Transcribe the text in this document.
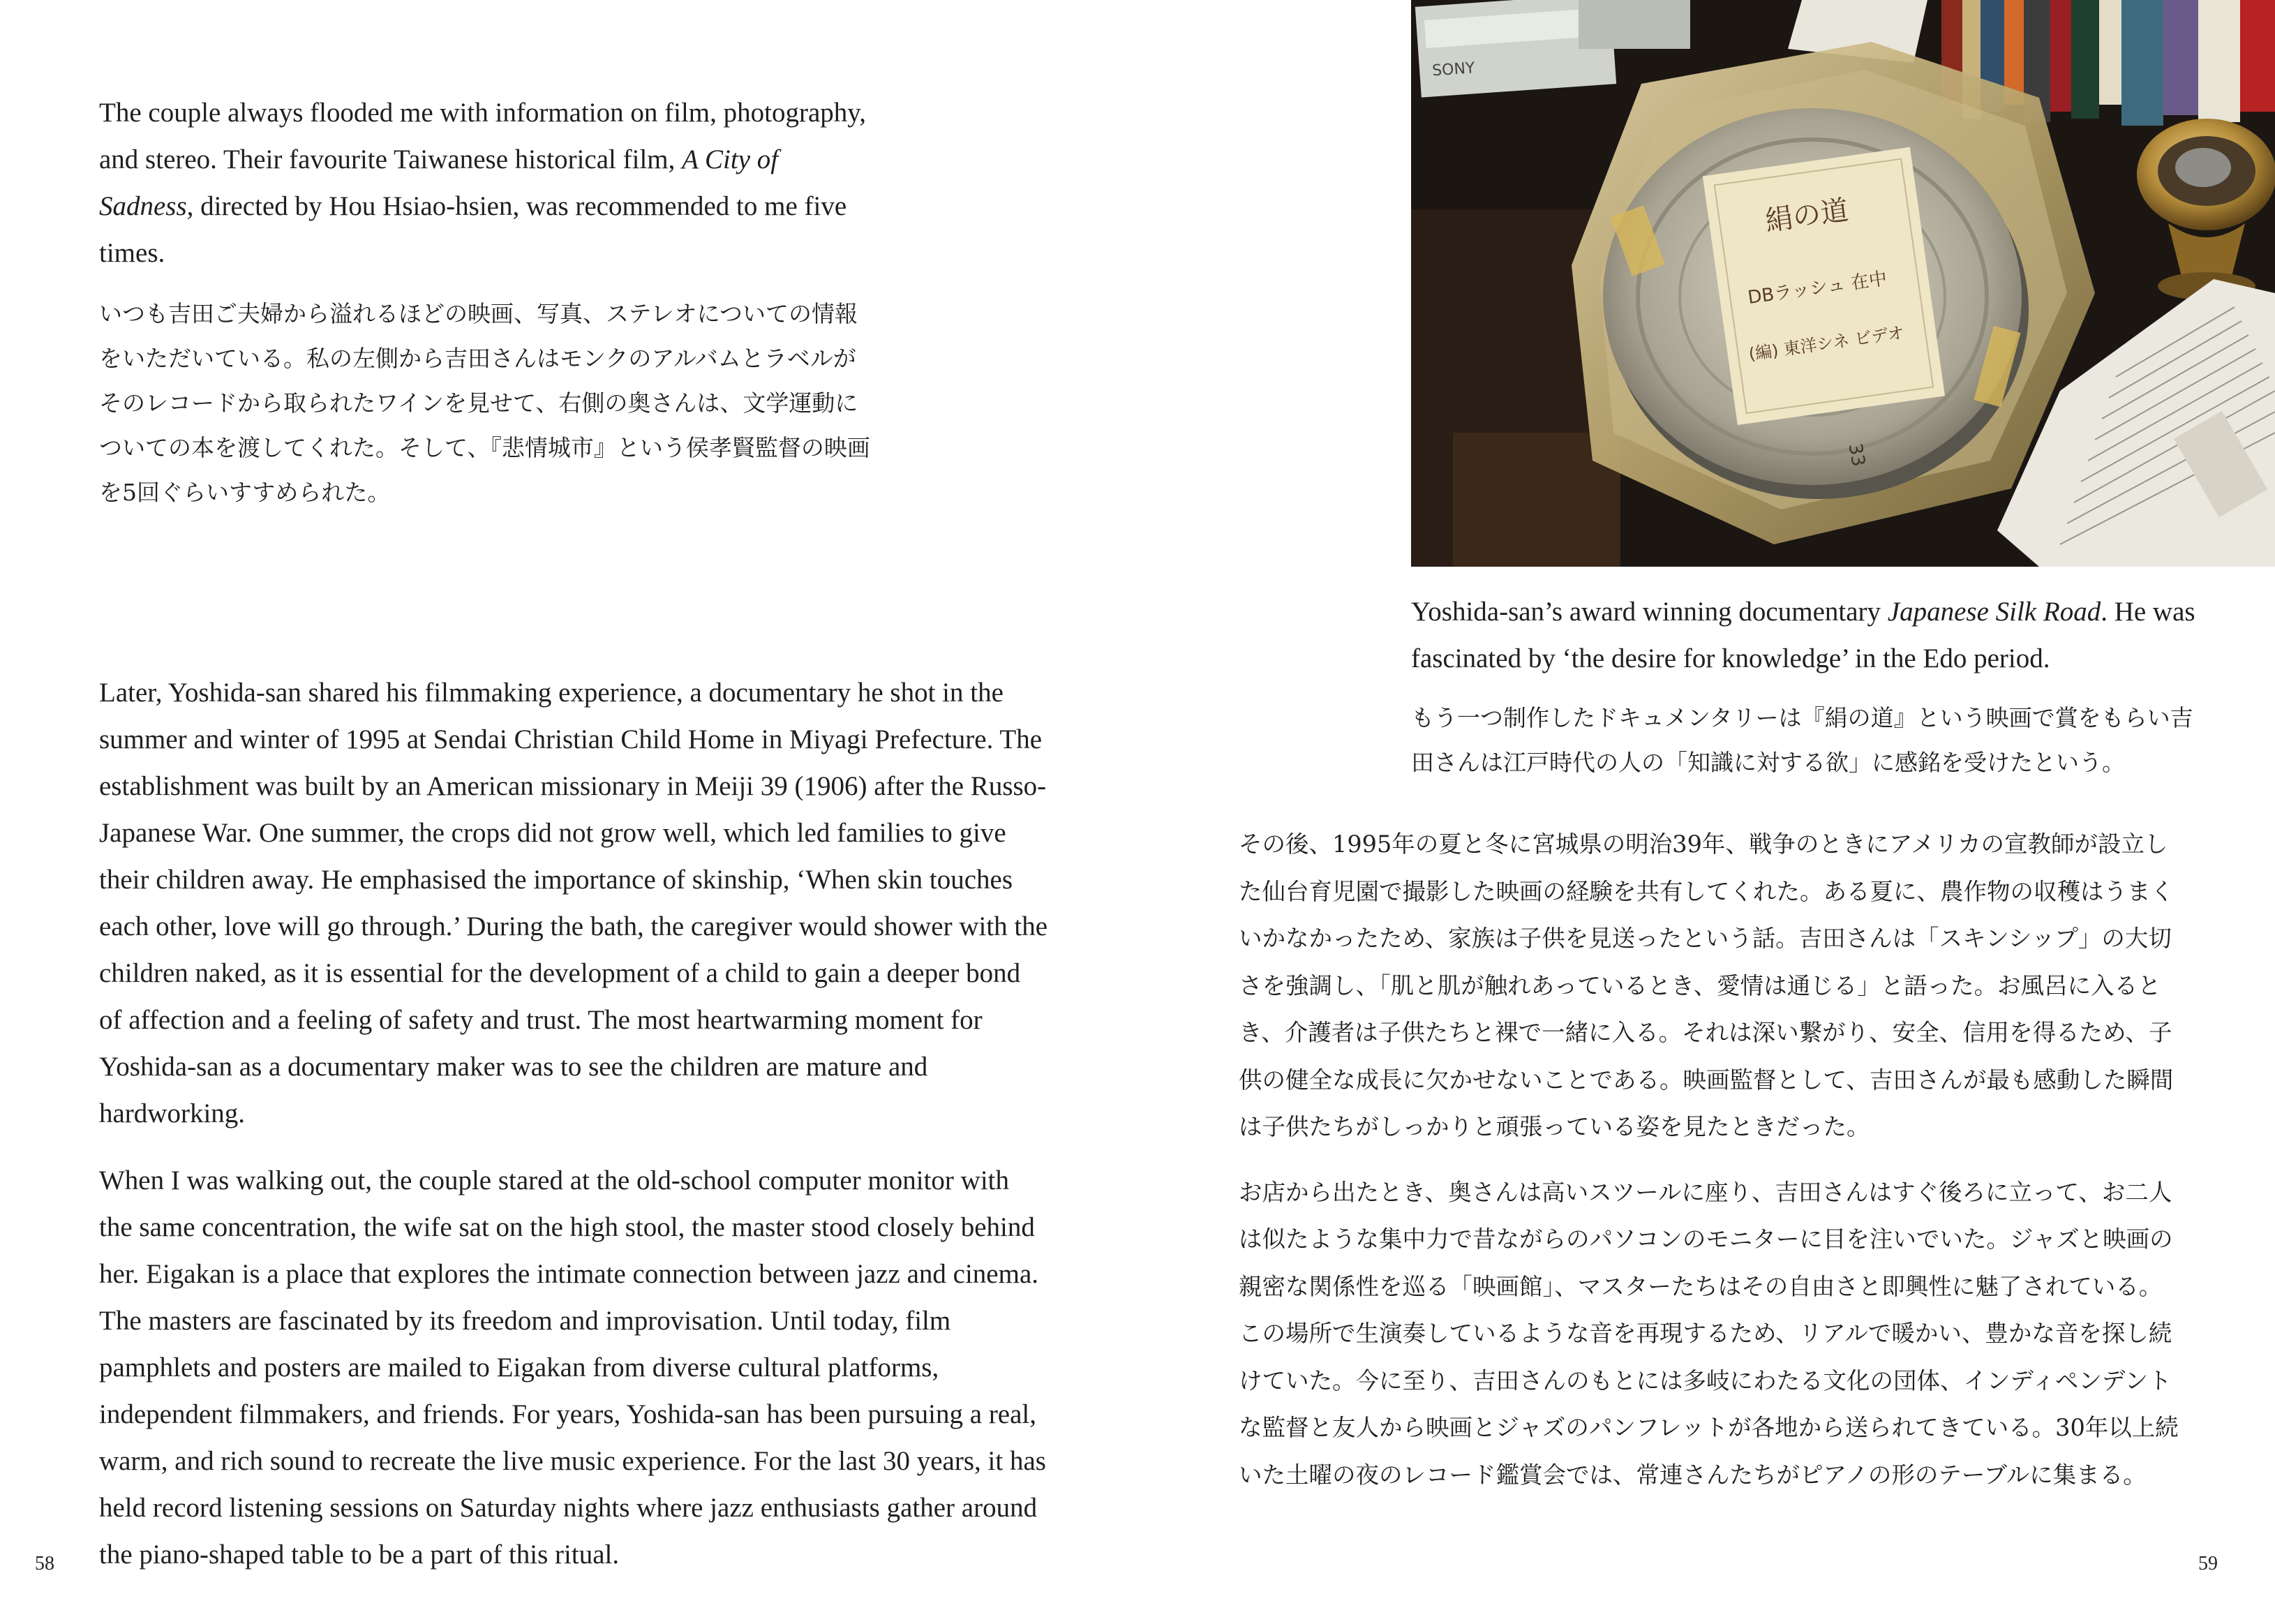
The couple always flooded me with information on film, photography, and stereo. Their favourite Taiwanese historical film, A City of Sadness, directed by Hou Hsiao-hsien, was recommended to me five times.

いつも吉田ご夫婦から溢れるほどの映画、写真、ステレオについての情報をいただいている。私の左側から吉田さんはモンクのアルバムとラベルがそのレコードから取られたワインを見せて、右側の奥さんは、文学運動についての本を渡してくれた。そして、『悲情城市』という侯孝賢監督の映画を5回ぐらいすすめられた。

Later, Yoshida-san shared his filmmaking experience, a documentary he shot in the summer and winter of 1995 at Sendai Christian Child Home in Miyagi Prefecture. The establishment was built by an American missionary in Meiji 39 (1906) after the Russo-Japanese War. One summer, the crops did not grow well, which led families to give their children away. He emphasised the importance of skinship, ‘When skin touches each other, love will go through.’ During the bath, the caregiver would shower with the children naked, as it is essential for the development of a child to gain a deeper bond of affection and a feeling of safety and trust. The most heartwarming moment for Yoshida-san as a documentary maker was to see the children are mature and hardworking.

When I was walking out, the couple stared at the old-school computer monitor with the same concentration, the wife sat on the high stool, the master stood closely behind her. Eigakan is a place that explores the intimate connection between jazz and cinema. The masters are fascinated by its freedom and improvisation. Until today, film pamphlets and posters are mailed to Eigakan from diverse cultural platforms, independent filmmakers, and friends. For years, Yoshida-san has been pursuing a real, warm, and rich sound to recreate the live music experience. For the last 30 years, it has held record listening sessions on Saturday nights where jazz enthusiasts gather around the piano-shaped table to be a part of this ritual.

58
SONY
絹の道
DBラッシュ 在中
(編) 東洋シネ ビデオ
33

Yoshida-san’s award winning documentary Japanese Silk Road. He was fascinated by ‘the desire for knowledge’ in the Edo period.

もう一つ制作したドキュメンタリーは『絹の道』という映画で賞をもらい吉田さんは江戸時代の人の「知識に対する欲」に感銘を受けたという。

その後、1995年の夏と冬に宮城県の明治39年、戦争のときにアメリカの宣教師が設立した仙台育児園で撮影した映画の経験を共有してくれた。ある夏に、農作物の収穫はうまくいかなかったため、家族は子供を見送ったという話。吉田さんは「スキンシップ」の大切さを強調し、「肌と肌が触れあっているとき、愛情は通じる」と語った。お風呂に入るとき、介護者は子供たちと裸で一緒に入る。それは深い繋がり、安全、信用を得るため、子供の健全な成長に欠かせないことである。映画監督として、吉田さんが最も感動した瞬間は子供たちがしっかりと頑張っている姿を見たときだった。

お店から出たとき、奥さんは高いスツールに座り、吉田さんはすぐ後ろに立って、お二人は似たような集中力で昔ながらのパソコンのモニターに目を注いでいた。ジャズと映画の親密な関係性を巡る「映画館」、マスターたちはその自由さと即興性に魅了されている。この場所で生演奏しているような音を再現するため、リアルで暖かい、豊かな音を探し続けていた。今に至り、吉田さんのもとには多岐にわたる文化の団体、インディペンデントな監督と友人から映画とジャズのパンフレットが各地から送られてきている。30年以上続いた土曜の夜のレコード鑑賞会では、常連さんたちがピアノの形のテーブルに集まる。

59
